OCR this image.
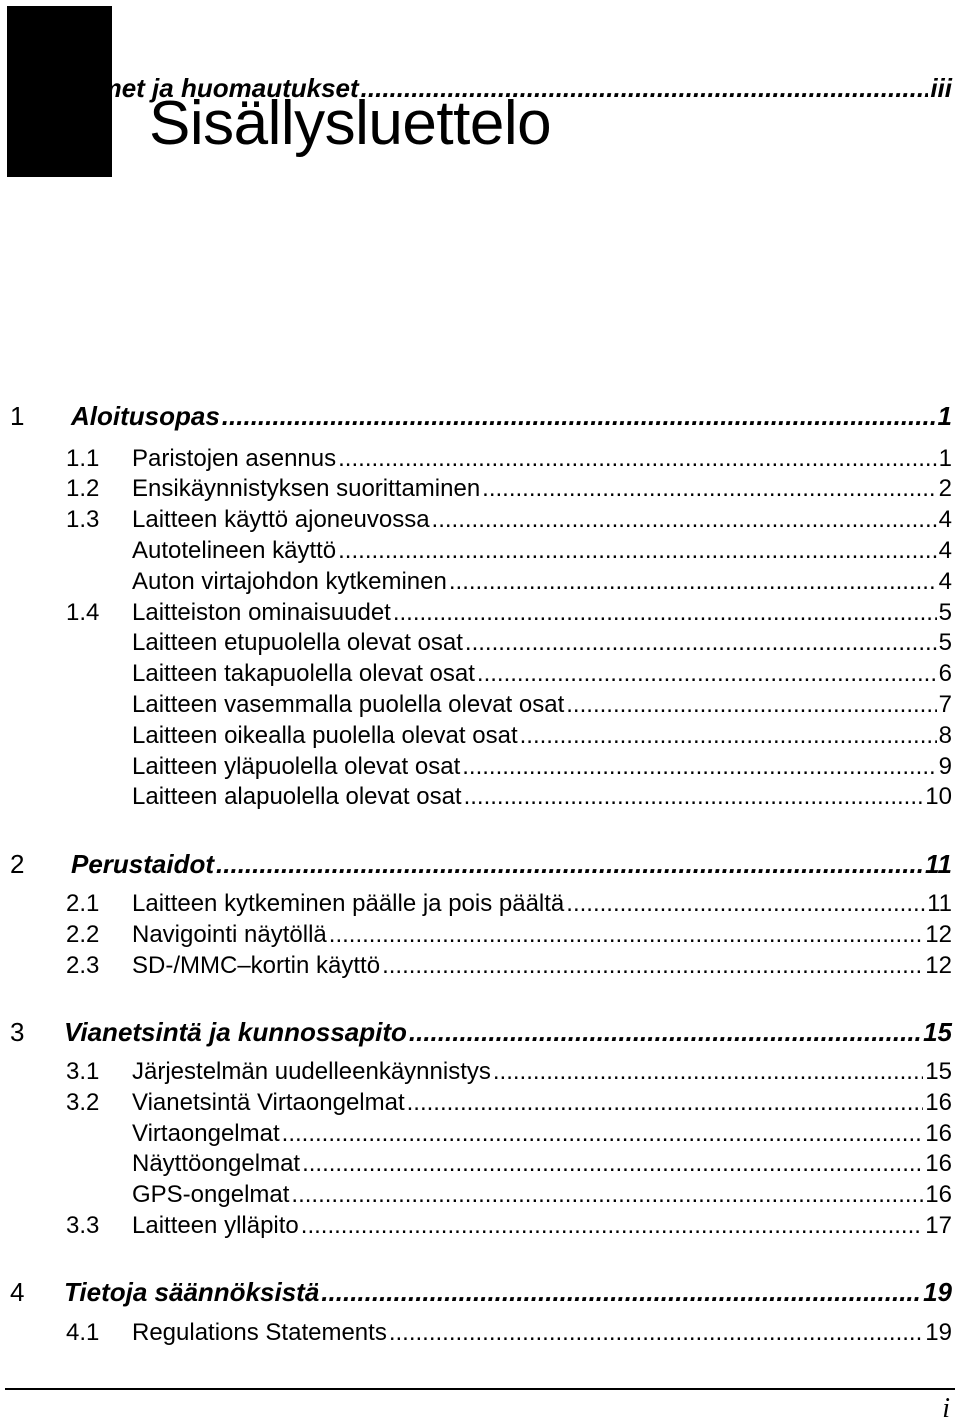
Sisällysluettelo
Varotoimet ja huomautukset .....	iii
1	Aloitusopas .....	1
1.1	Paristojen asennus .....	1
1.2	Ensikäynnistyksen suorittaminen .....	2
1.3	Laitteen käyttö ajoneuvossa .....	4
Autotelineen käyttö .....	4
Auton virtajohdon kytkeminen .....	4
1.4	Laitteiston ominaisuudet .....	5
Laitteen etupuolella olevat osat .....	5
Laitteen takapuolella olevat osat .....	6
Laitteen vasemmalla puolella olevat osat .....	7
Laitteen oikealla puolella olevat osat .....	8
Laitteen yläpuolella olevat osat .....	9
Laitteen alapuolella olevat osat .....	10
2	Perustaidot .....	11
2.1	Laitteen kytkeminen päälle ja pois päältä .....	11
2.2	Navigointi näytöllä .....	12
2.3	SD-/MMC–kortin käyttö .....	12
3	Vianetsintä ja kunnossapito .....	15
3.1	Järjestelmän uudelleenkäynnistys .....	15
3.2	Vianetsintä Virtaongelmat .....	16
Virtaongelmat .....	16
Näyttöongelmat .....	16
GPS-ongelmat .....	16
3.3	Laitteen ylläpito .....	17
4	Tietoja säännöksistä .....	19
4.1	Regulations Statements .....	19
i
